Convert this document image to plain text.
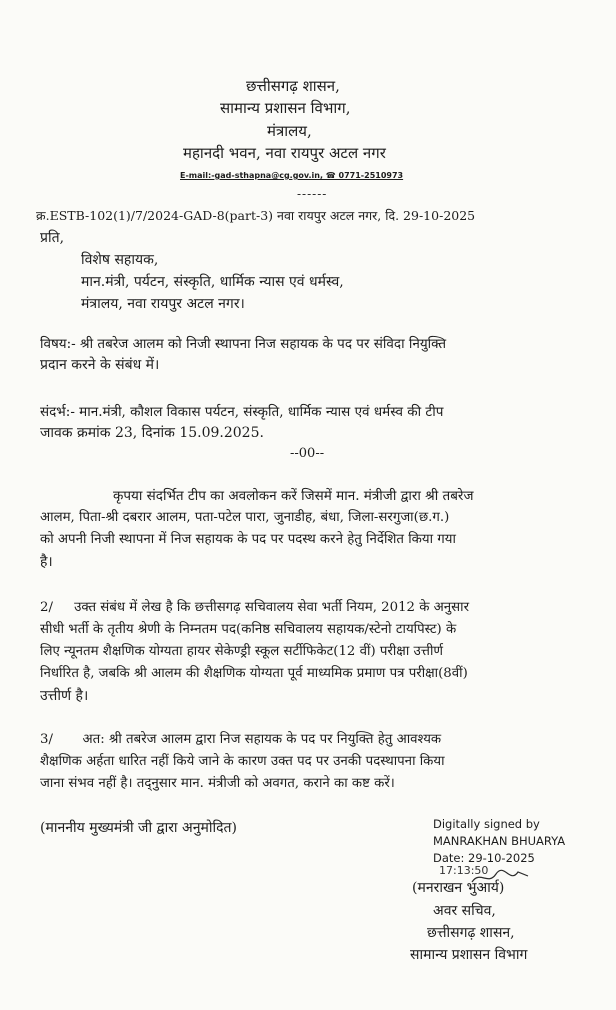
छत्तीसगढ़ शासन,
सामान्य प्रशासन विभाग,
मंत्रालय,
महानदी भवन, नवा रायपुर अटल नगर
E-mail:-gad-sthapna@cg.gov.in, ☎ 0771-2510973
------
क्र.ESTB-102(1)/7/2024-GAD-8(part-3) नवा रायपुर अटल नगर, दि. 29-10-2025
प्रति,
विशेष सहायक,
मान.मंत्री, पर्यटन, संस्कृति, धार्मिक न्यास एवं धर्मस्व,
मंत्रालय, नवा रायपुर अटल नगर।
विषय:- श्री तबरेज आलम को निजी स्थापना निज सहायक के पद पर संविदा नियुक्ति
प्रदान करने के संबंध में।
संदर्भ:- मान.मंत्री, कौशल विकास पर्यटन, संस्कृति, धार्मिक न्यास एवं धर्मस्व की टीप
जावक क्रमांक 23, दिनांक 15.09.2025.
--00--
कृपया संदर्भित टीप का अवलोकन करें जिसमें मान. मंत्रीजी द्वारा श्री तबरेज
आलम, पिता-श्री दबरार आलम, पता-पटेल पारा, जुनाडीह, बंधा, जिला-सरगुजा(छ.ग.)
को अपनी निजी स्थापना में निज सहायक के पद पर पदस्थ करने हेतु निर्देशित किया गया
है।
2/     उक्त संबंध में लेख है कि छत्तीसगढ़ सचिवालय सेवा भर्ती नियम, 2012 के अनुसार
सीधी भर्ती के तृतीय श्रेणी के निम्नतम पद(कनिष्ठ सचिवालय सहायक/स्टेनो टायपिस्ट) के
लिए न्यूनतम शैक्षणिक योग्यता हायर सेकेण्ड्री स्कूल सर्टीफिकेट(12 वीं) परीक्षा उत्तीर्ण
निर्धारित है, जबकि श्री आलम की शैक्षणिक योग्यता पूर्व माध्यमिक प्रमाण पत्र परीक्षा(8वीं)
उत्तीर्ण है।
3/       अत: श्री तबरेज आलम द्वारा निज सहायक के पद पर नियुक्ति हेतु आवश्यक
शैक्षणिक अर्हता धारित नहीं किये जाने के कारण उक्त पद पर उनकी पदस्थापना किया
जाना संभव नहीं है। तद्नुसार मान. मंत्रीजी को अवगत, कराने का कष्ट करें।
(माननीय मुख्यमंत्री जी द्वारा अनुमोदित)	Digitally signed by
MANRAKHAN BHUARYA
Date: 29-10-2025
17:13:50
(मनराखन भुआर्य)
अवर सचिव,
छत्तीसगढ़ शासन,
सामान्य प्रशासन विभाग
